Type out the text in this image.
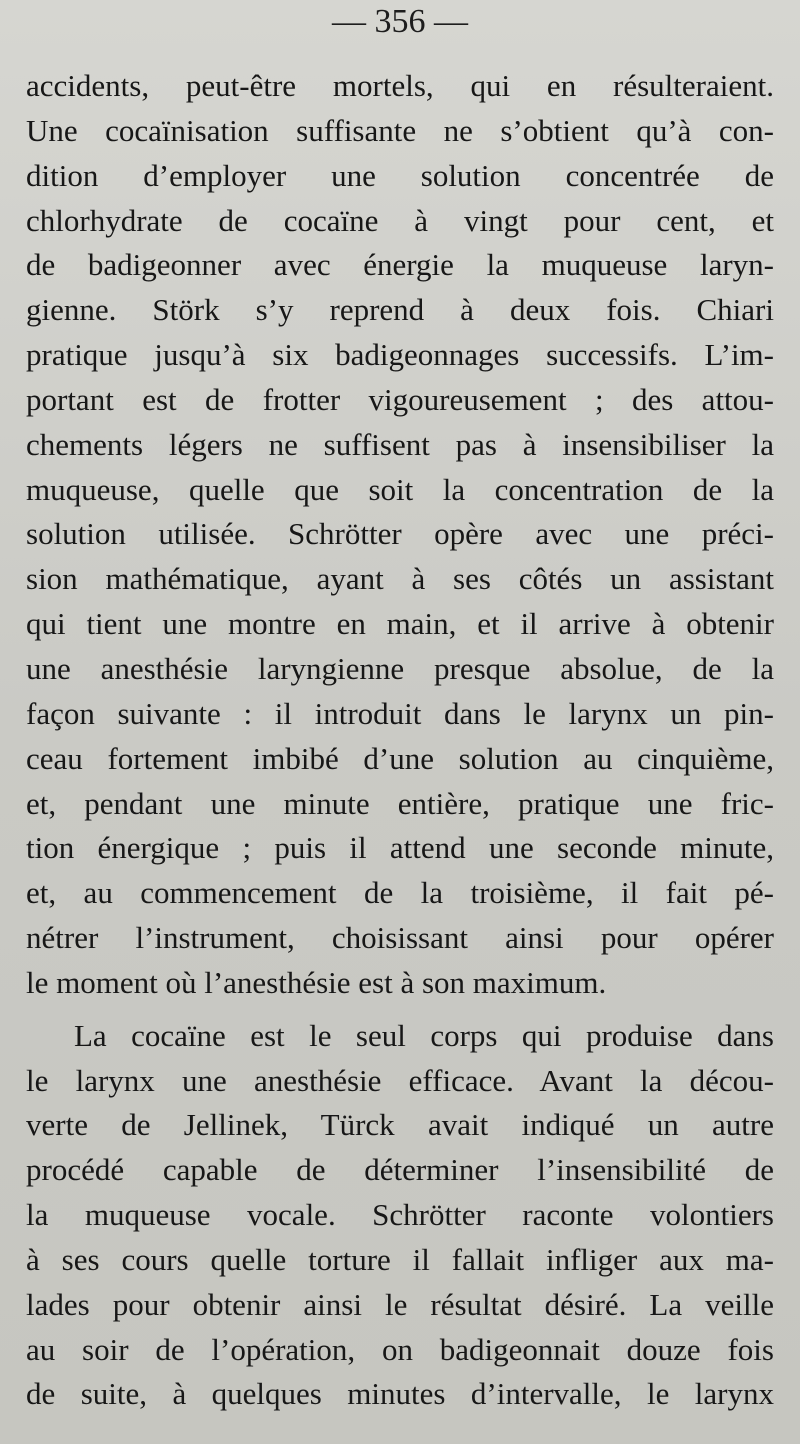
— 356 —
accidents, peut-être mortels, qui en résulteraient.
Une cocaïnisation suffisante ne s’obtient qu’à con-
dition d’employer une solution concentrée de
chlorhydrate de cocaïne à vingt pour cent, et
de badigeonner avec énergie la muqueuse laryn-
gienne. Störk s’y reprend à deux fois. Chiari
pratique jusqu’à six badigeonnages successifs. L’im-
portant est de frotter vigoureusement ; des attou-
chements légers ne suffisent pas à insensibiliser la
muqueuse, quelle que soit la concentration de la
solution utilisée. Schrötter opère avec une préci-
sion mathématique, ayant à ses côtés un assistant
qui tient une montre en main, et il arrive à obtenir
une anesthésie laryngienne presque absolue, de la
façon suivante : il introduit dans le larynx un pin-
ceau fortement imbibé d’une solution au cinquième,
et, pendant une minute entière, pratique une fric-
tion énergique ; puis il attend une seconde minute,
et, au commencement de la troisième, il fait pé-
nétrer l’instrument, choisissant ainsi pour opérer
le moment où l’anesthésie est à son maximum.
La cocaïne est le seul corps qui produise dans
le larynx une anesthésie efficace. Avant la décou-
verte de Jellinek, Türck avait indiqué un autre
procédé capable de déterminer l’insensibilité de
la muqueuse vocale. Schrötter raconte volontiers
à ses cours quelle torture il fallait infliger aux ma-
lades pour obtenir ainsi le résultat désiré. La veille
au soir de l’opération, on badigeonnait douze fois
de suite, à quelques minutes d’intervalle, le larynx
